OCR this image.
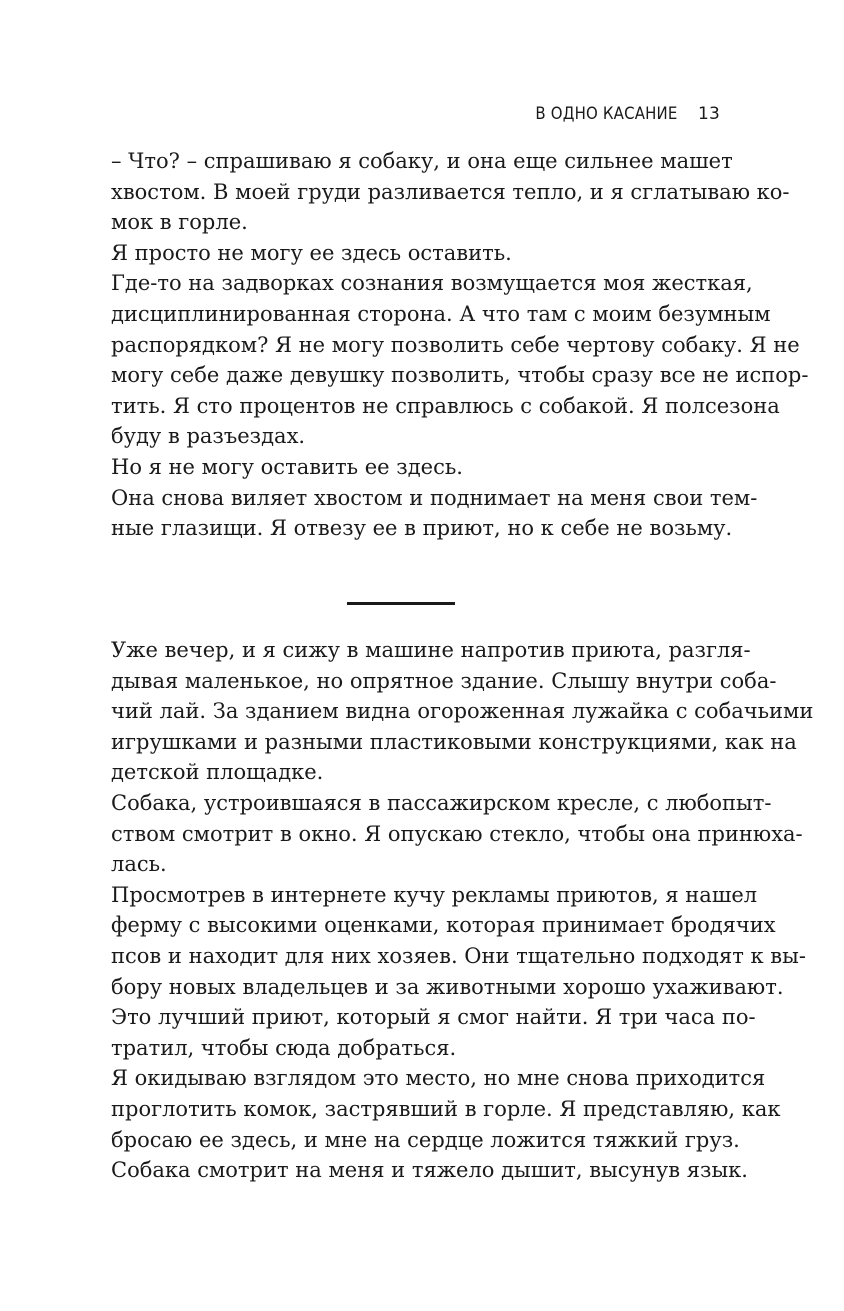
В ОДНО КАСАНИЕ 13

– Что? – спрашиваю я собаку, и она еще сильнее машет
хвостом. В моей груди разливается тепло, и я сглатываю ко-
мок в горле.

Я просто не могу ее здесь оставить.

Где-то на задворках сознания возмущается моя жесткая,
дисциплинированная сторона. А что там с моим безумным
распорядком? Я не могу позволить себе чертову собаку. Я не
могу себе даже девушку позволить, чтобы сразу все не испор-
тить. Я сто процентов не справлюсь с собакой. Я полсезона
буду в разъездах.

Но я не могу оставить ее здесь.

Она снова виляет хвостом и поднимает на меня свои тем-
ные глазищи. Я отвезу ее в приют, но к себе не возьму.

Уже вечер, и я сижу в машине напротив приюта, разгля-
дывая маленькое, но опрятное здание. Слышу внутри соба-
чий лай. За зданием видна огороженная лужайка с собачьими
игрушками и разными пластиковыми конструкциями, как на
детской площадке.

Собака, устроившаяся в пассажирском кресле, с любопыт-
ством смотрит в окно. Я опускаю стекло, чтобы она принюха-
лась.

Просмотрев в интернете кучу рекламы приютов, я нашел
ферму с высокими оценками, которая принимает бродячих
псов и находит для них хозяев. Они тщательно подходят к вы-
бору новых владельцев и за животными хорошо ухаживают.

Это лучший приют, который я смог найти. Я три часа по-
тратил, чтобы сюда добраться.

Я окидываю взглядом это место, но мне снова приходится
проглотить комок, застрявший в горле. Я представляю, как
бросаю ее здесь, и мне на сердце ложится тяжкий груз.

Собака смотрит на меня и тяжело дышит, высунув язык.
